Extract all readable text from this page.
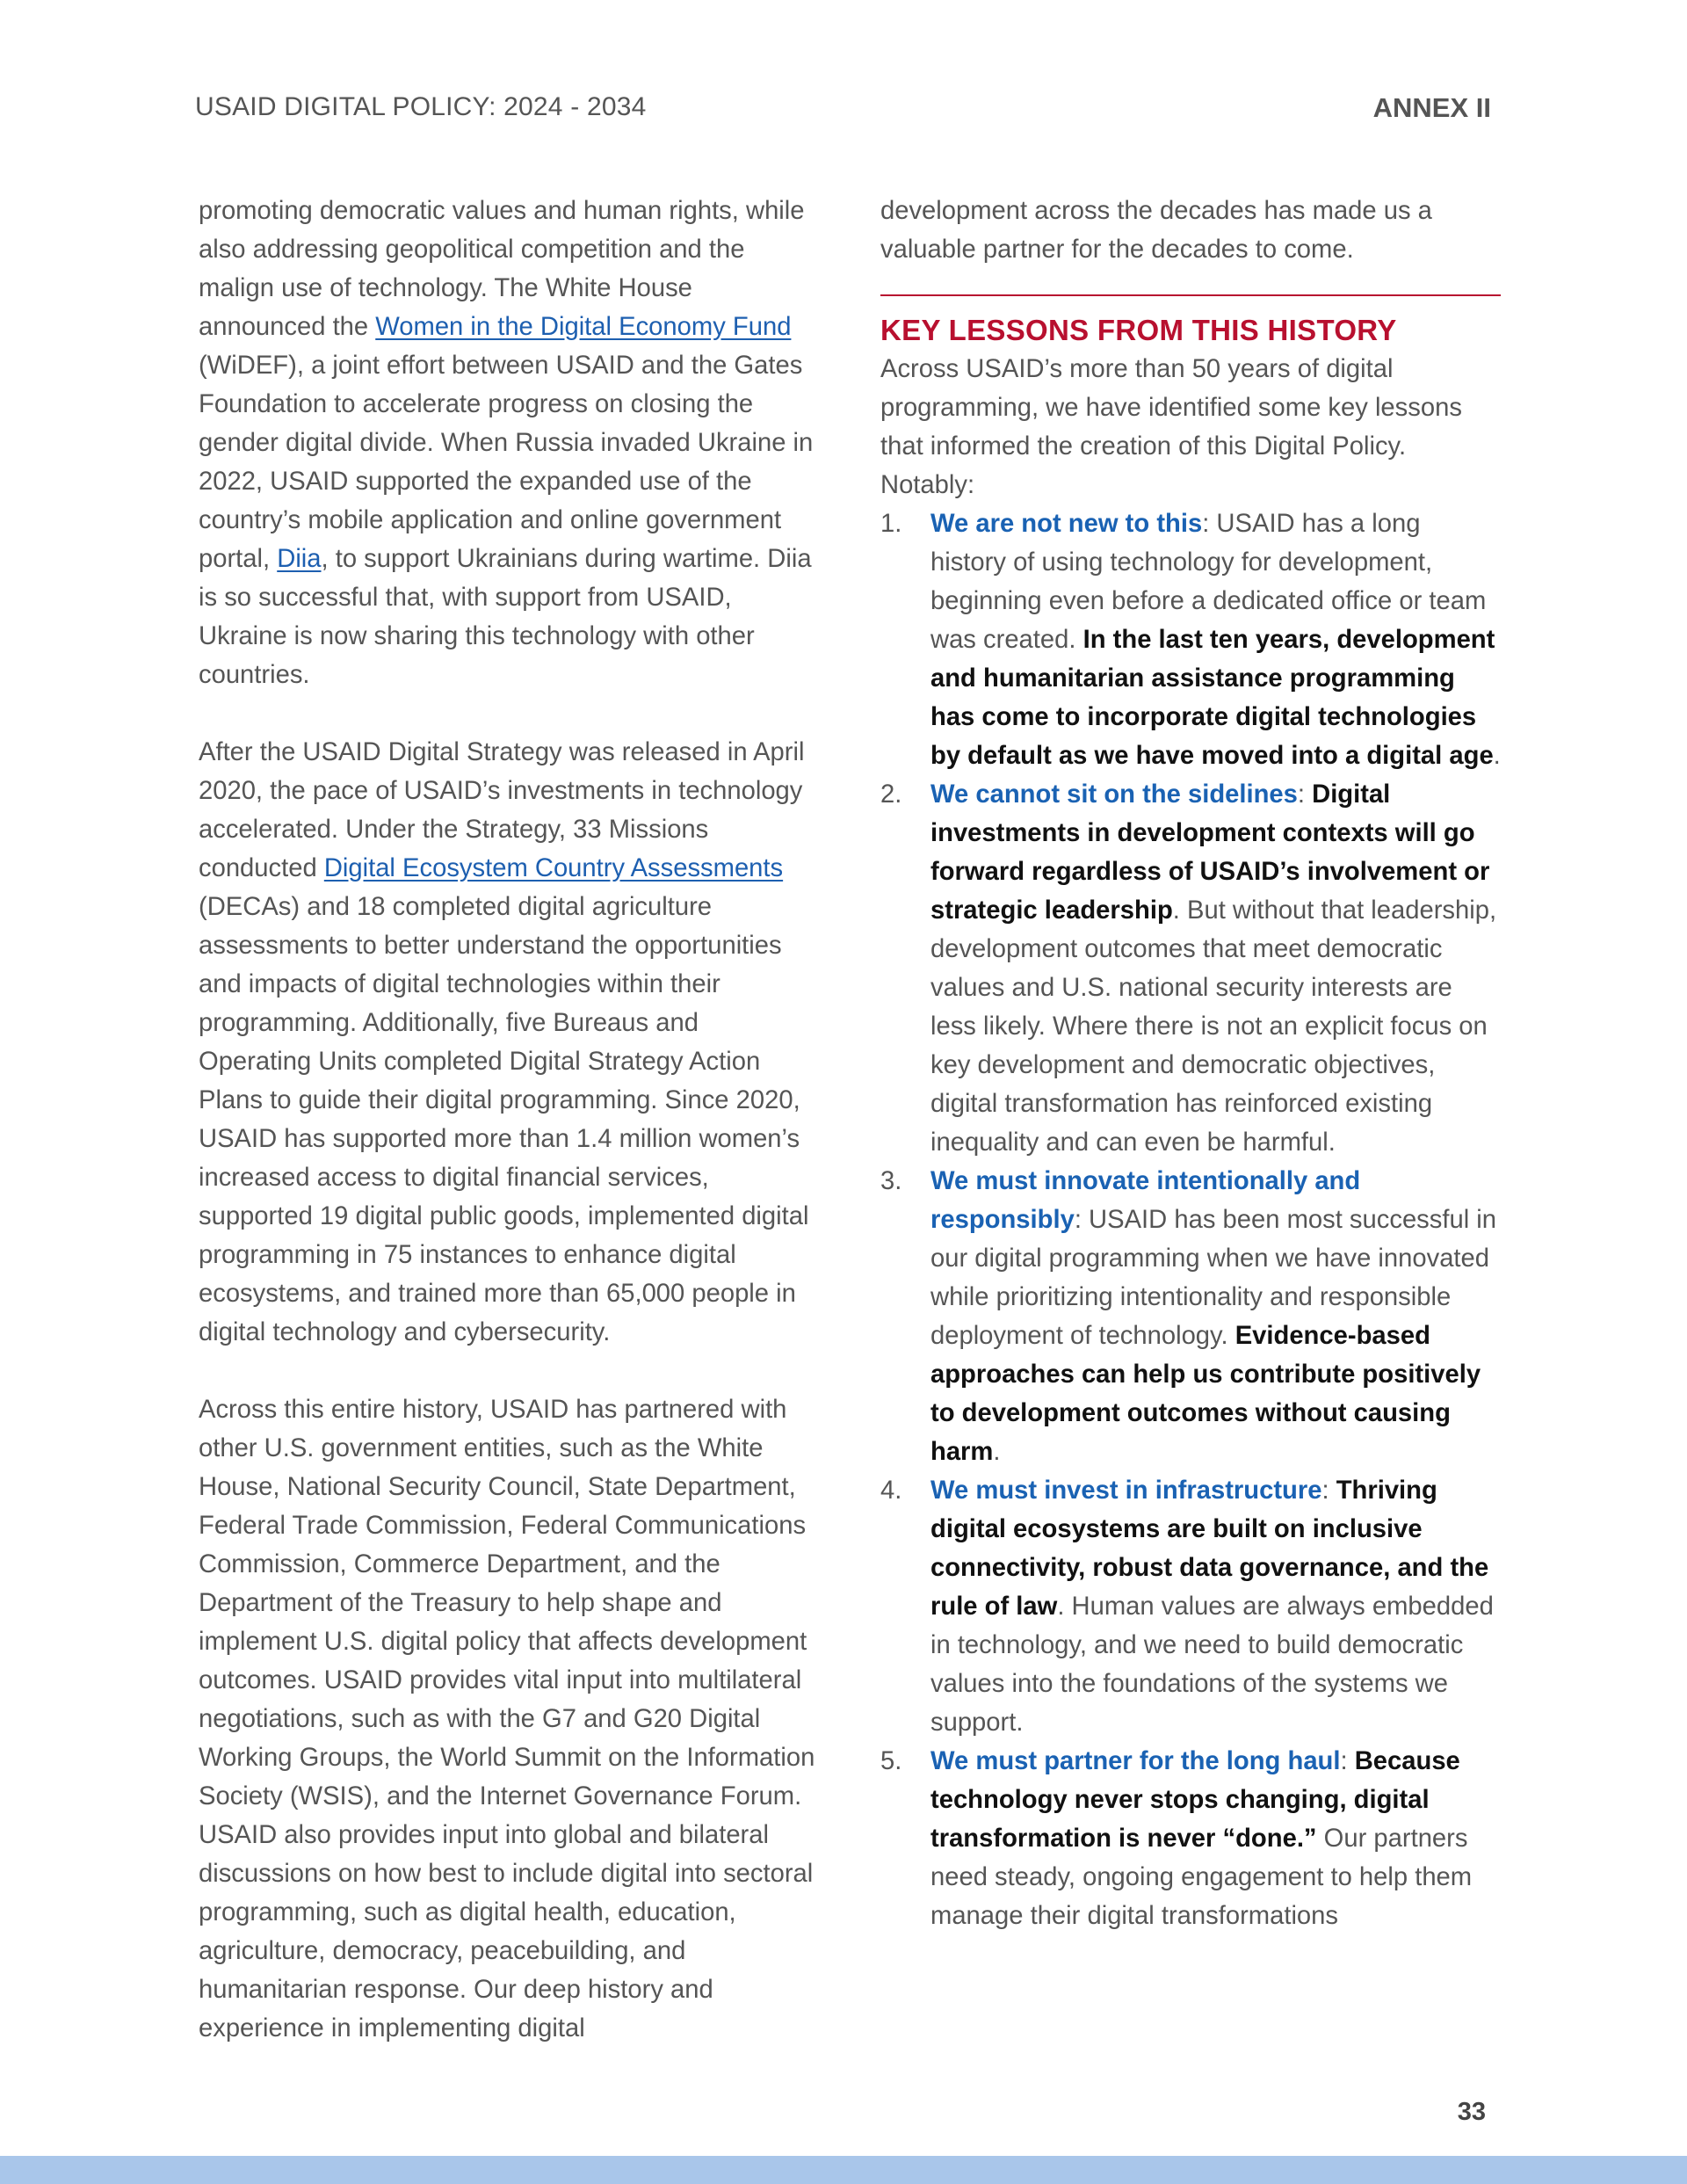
USAID DIGITAL POLICY: 2024 - 2034	ANNEX II

promoting democratic values and human rights, while also addressing geopolitical competition and the malign use of technology. The White House announced the Women in the Digital Economy Fund (WiDEF), a joint effort between USAID and the Gates Foundation to accelerate progress on closing the gender digital divide. When Russia invaded Ukraine in 2022, USAID supported the expanded use of the country’s mobile application and online government portal, Diia, to support Ukrainians during wartime. Diia is so successful that, with support from USAID, Ukraine is now sharing this technology with other countries.

After the USAID Digital Strategy was released in April 2020, the pace of USAID’s investments in technology accelerated. Under the Strategy, 33 Missions conducted Digital Ecosystem Country Assessments (DECAs) and 18 completed digital agriculture assessments to better understand the opportunities and impacts of digital technologies within their programming. Additionally, five Bureaus and Operating Units completed Digital Strategy Action Plans to guide their digital programming. Since 2020, USAID has supported more than 1.4 million women’s increased access to digital financial services, supported 19 digital public goods, implemented digital programming in 75 instances to enhance digital ecosystems, and trained more than 65,000 people in digital technology and cybersecurity.

Across this entire history, USAID has partnered with other U.S. government entities, such as the White House, National Security Council, State Department, Federal Trade Commission, Federal Communications Commission, Commerce Department, and the Department of the Treasury to help shape and implement U.S. digital policy that affects development outcomes. USAID provides vital input into multilateral negotiations, such as with the G7 and G20 Digital Working Groups, the World Summit on the Information Society (WSIS), and the Internet Governance Forum. USAID also provides input into global and bilateral discussions on how best to include digital into sectoral programming, such as digital health, education, agriculture, democracy, peacebuilding, and humanitarian response. Our deep history and experience in implementing digital

development across the decades has made us a valuable partner for the decades to come.

KEY LESSONS FROM THIS HISTORY

Across USAID’s more than 50 years of digital programming, we have identified some key lessons that informed the creation of this Digital Policy. Notably:

1. We are not new to this: USAID has a long history of using technology for development, beginning even before a dedicated office or team was created. In the last ten years, development and humanitarian assistance programming has come to incorporate digital technologies by default as we have moved into a digital age.
2. We cannot sit on the sidelines: Digital investments in development contexts will go forward regardless of USAID’s involvement or strategic leadership. But without that leadership, development outcomes that meet democratic values and U.S. national security interests are less likely. Where there is not an explicit focus on key development and democratic objectives, digital transformation has reinforced existing inequality and can even be harmful.
3. We must innovate intentionally and responsibly: USAID has been most successful in our digital programming when we have innovated while prioritizing intentionality and responsible deployment of technology. Evidence-based approaches can help us contribute positively to development outcomes without causing harm.
4. We must invest in infrastructure: Thriving digital ecosystems are built on inclusive connectivity, robust data governance, and the rule of law. Human values are always embedded in technology, and we need to build democratic values into the foundations of the systems we support.
5. We must partner for the long haul: Because technology never stops changing, digital transformation is never “done.” Our partners need steady, ongoing engagement to help them manage their digital transformations
33
